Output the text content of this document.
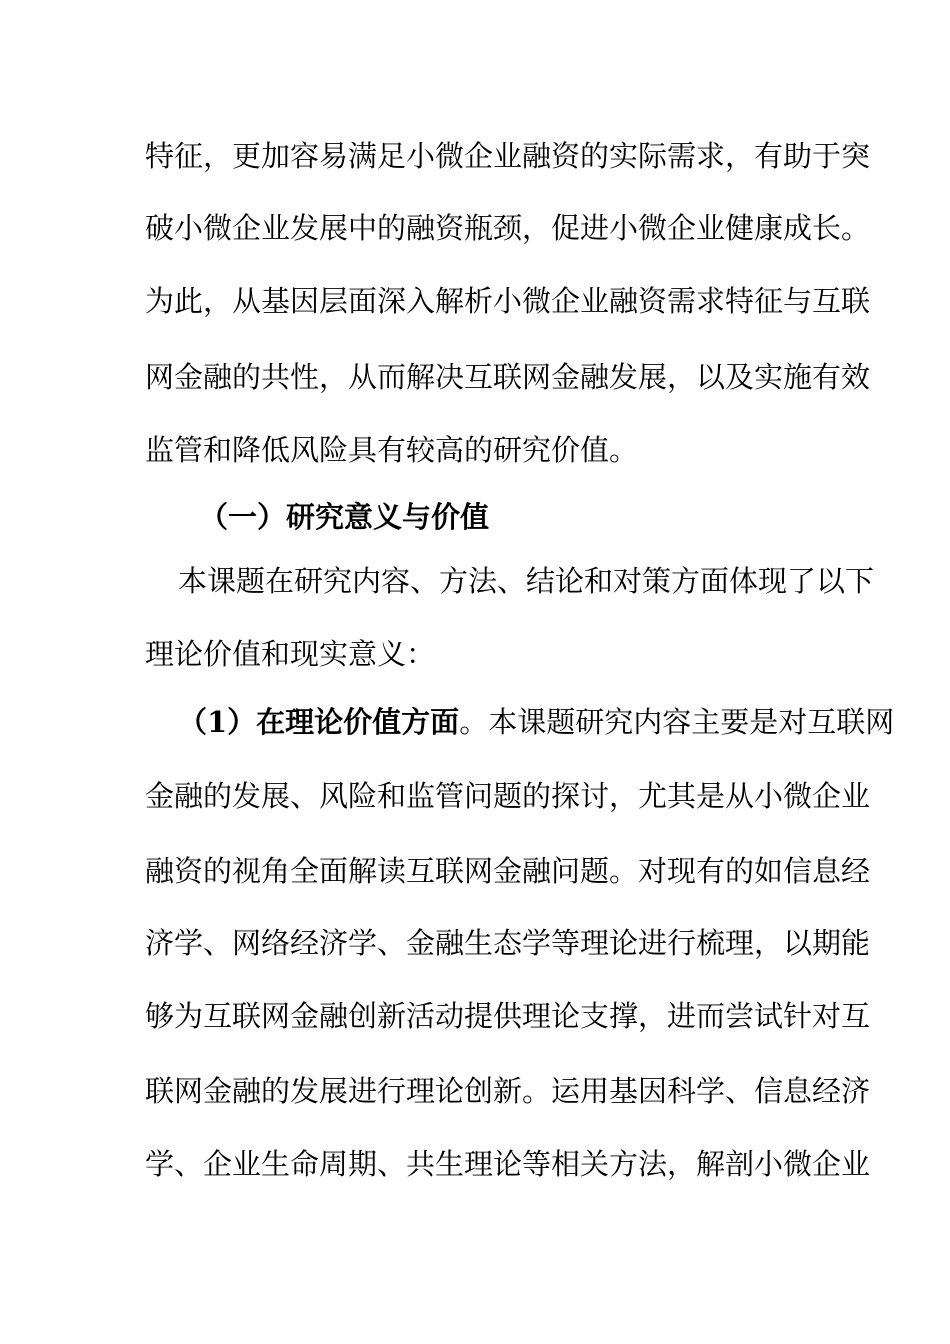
特征，更加容易满足小微企业融资的实际需求，有助于突
破小微企业发展中的融资瓶颈，促进小微企业健康成长。
为此，从基因层面深入解析小微企业融资需求特征与互联
网金融的共性，从而解决互联网金融发展，以及实施有效
监管和降低风险具有较高的研究价值。
（一）研究意义与价值
本课题在研究内容、方法、结论和对策方面体现了以下
理论价值和现实意义：
（1）在理论价值方面。本课题研究内容主要是对互联网
金融的发展、风险和监管问题的探讨，尤其是从小微企业
融资的视角全面解读互联网金融问题。对现有的如信息经
济学、网络经济学、金融生态学等理论进行梳理，以期能
够为互联网金融创新活动提供理论支撑，进而尝试针对互
联网金融的发展进行理论创新。运用基因科学、信息经济
学、企业生命周期、共生理论等相关方法，解剖小微企业
